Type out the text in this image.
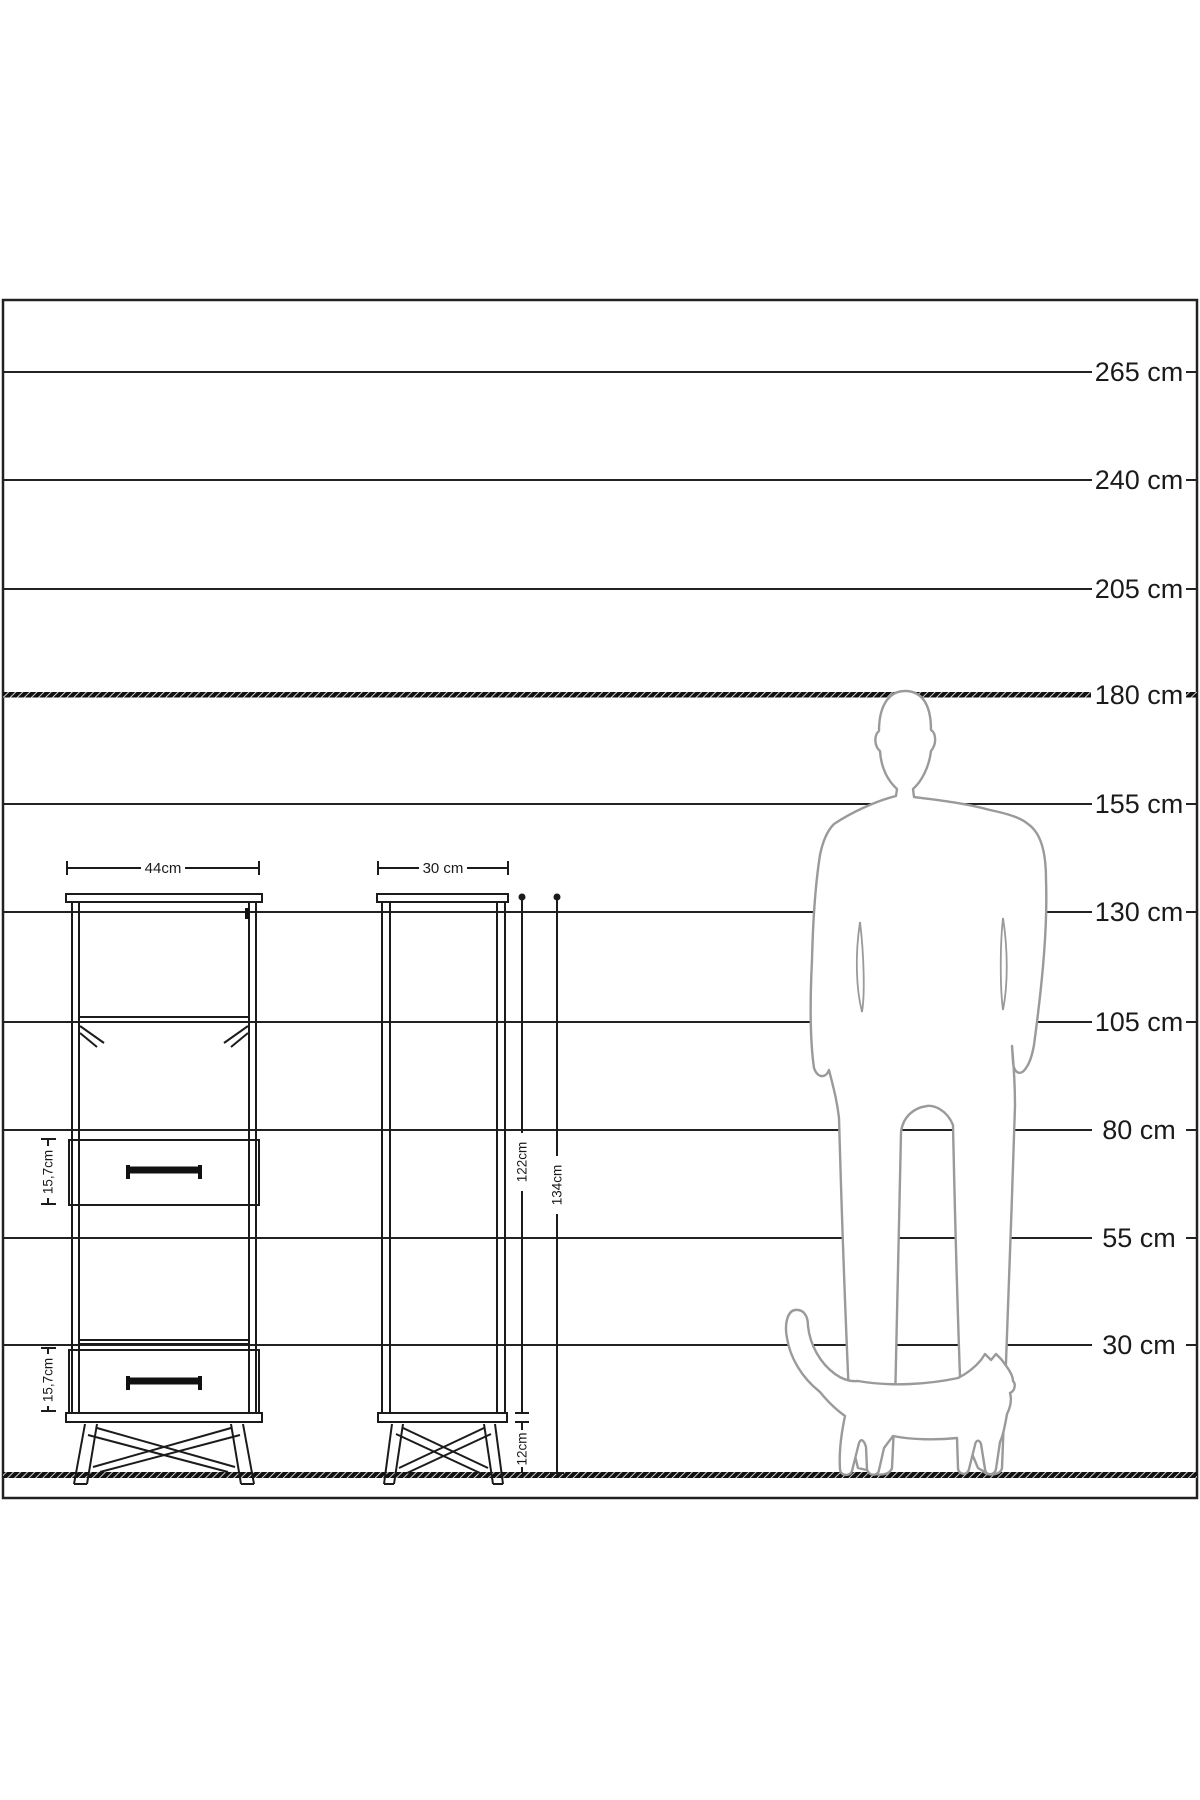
265 cm
240 cm
205 cm
180 cm
155 cm
130 cm
105 cm
80 cm
55 cm
30 cm
44cm	30 cm
15,7cm
15,7cm
122cm
134cm
12cm
